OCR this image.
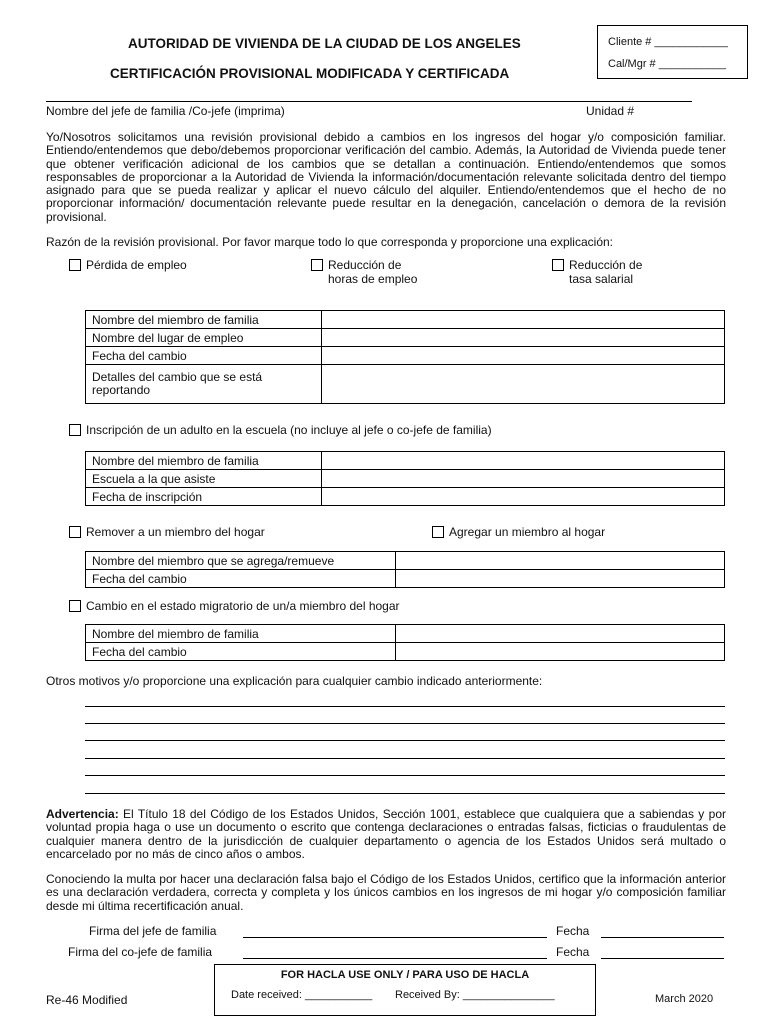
AUTORIDAD DE VIVIENDA DE LA CIUDAD DE LOS ANGELES
CERTIFICACIÓN PROVISIONAL MODIFICADA Y CERTIFICADA
Cliente # ____________
Cal/Mgr # ___________
Nombre del jefe de familia /Co-jefe (imprima)	Unidad #
Yo/Nosotros solicitamos una revisión provisional debido a cambios en los ingresos del hogar y/o composición familiar. Entiendo/entendemos que debo/debemos proporcionar verificación del cambio. Además, la Autoridad de Vivienda puede tener que obtener verificación adicional de los cambios que se detallan a continuación. Entiendo/entendemos que somos responsables de proporcionar a la Autoridad de Vivienda la información/documentación relevante solicitada dentro del tiempo asignado para que se pueda realizar y aplicar el nuevo cálculo del alquiler. Entiendo/entendemos que el hecho de no proporcionar información/ documentación relevante puede resultar en la denegación, cancelación o demora de la revisión provisional.
Razón de la revisión provisional. Por favor marque todo lo que corresponda y proporcione una explicación:
Pérdida de empleo	Reducción de
horas de empleo
Reducción de
tasa salarial
Nombre del miembro de familia	
Nombre del lugar de empleo	
Fecha del cambio	
Detalles del cambio que se está reportando	
Inscripción de un adulto en la escuela (no incluye al jefe o co-jefe de familia)
Nombre del miembro de familia	
Escuela a la que asiste	
Fecha de inscripción	
Remover a un miembro del hogar	Agregar un miembro al hogar
Nombre del miembro que se agrega/remueve	
Fecha del cambio	
Cambio en el estado migratorio de un/a miembro del hogar
Nombre del miembro de familia	
Fecha del cambio	
Otros motivos y/o proporcione una explicación para cualquier cambio indicado anteriormente:
Advertencia: El Título 18 del Código de los Estados Unidos, Sección 1001, establece que cualquiera que a sabiendas y por voluntad propia haga o use un documento o escrito que contenga declaraciones o entradas falsas, ficticias o fraudulentas de cualquier manera dentro de la jurisdicción de cualquier departamento o agencia de los Estados Unidos será multado o encarcelado por no más de cinco años o ambos.
Conociendo la multa por hacer una declaración falsa bajo el Código de los Estados Unidos, certifico que la información anterior es una declaración verdadera, correcta y completa y los únicos cambios en los ingresos de mi hogar y/o composición familiar desde mi última recertificación anual.
Firma del jefe de familia	Fecha
Firma del co-jefe de familia	Fecha
FOR HACLA USE ONLY / PARA USO DE HACLA
Date received: ___________ Received By: _______________
Re-46 Modified	March 2020
